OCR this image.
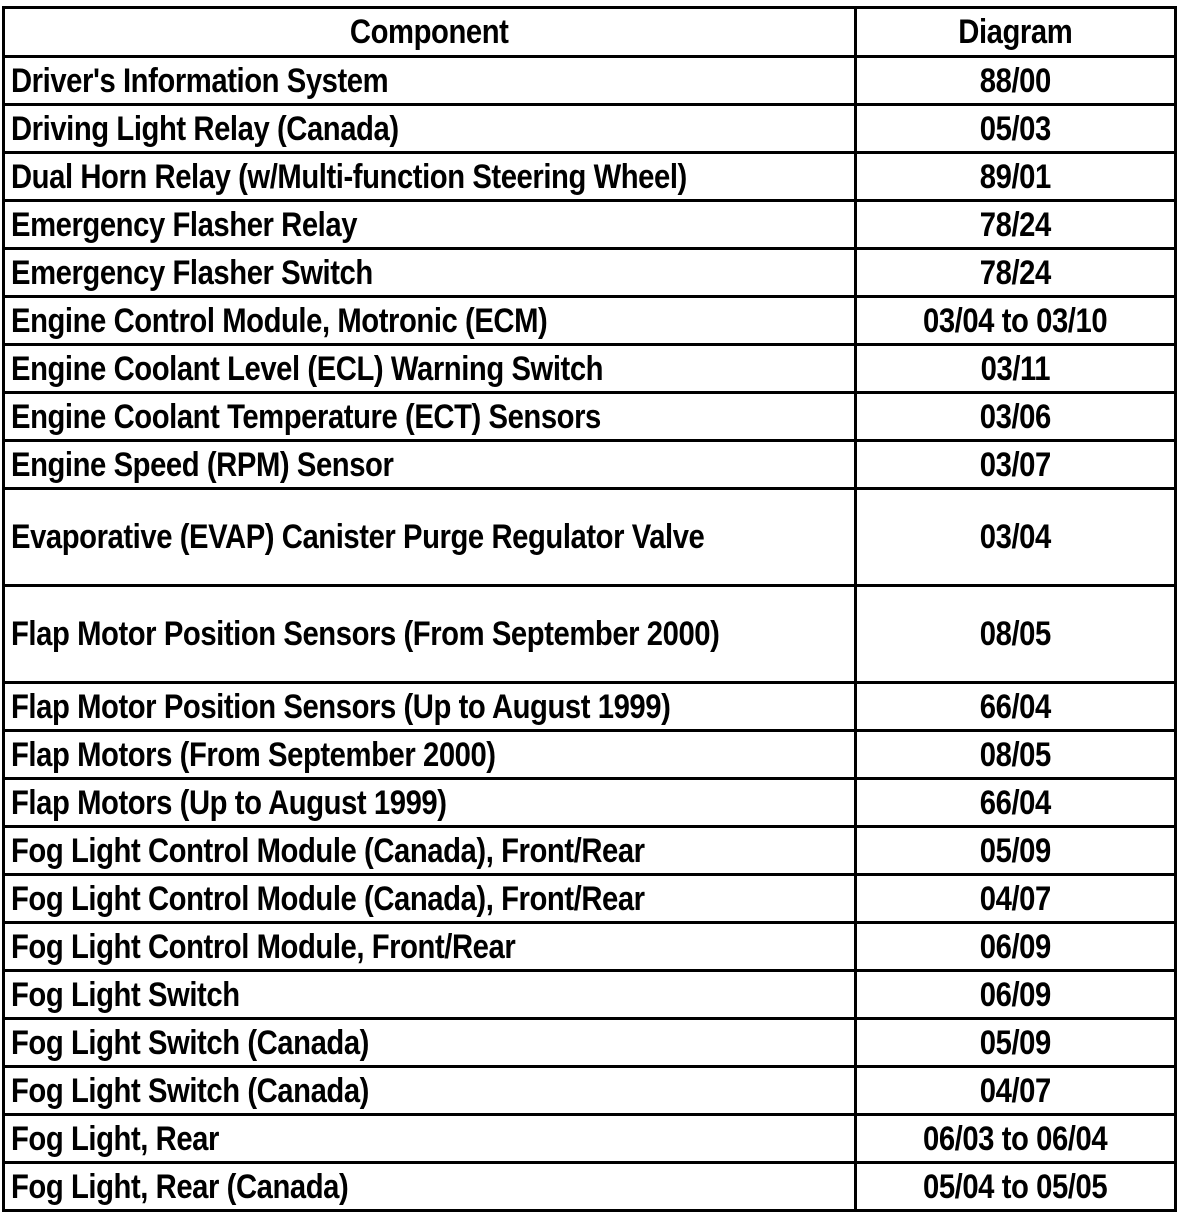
Component	Diagram
Driver's Information System	88/00
Driving Light Relay (Canada)	05/03
Dual Horn Relay (w/Multi-function Steering Wheel)	89/01
Emergency Flasher Relay	78/24
Emergency Flasher Switch	78/24
Engine Control Module, Motronic (ECM)	03/04 to 03/10
Engine Coolant Level (ECL) Warning Switch	03/11
Engine Coolant Temperature (ECT) Sensors	03/06
Engine Speed (RPM) Sensor	03/07
Evaporative (EVAP) Canister Purge Regulator Valve	03/04
Flap Motor Position Sensors (From September 2000)	08/05
Flap Motor Position Sensors (Up to August 1999)	66/04
Flap Motors (From September 2000)	08/05
Flap Motors (Up to August 1999)	66/04
Fog Light Control Module (Canada), Front/Rear	05/09
Fog Light Control Module (Canada), Front/Rear	04/07
Fog Light Control Module, Front/Rear	06/09
Fog Light Switch	06/09
Fog Light Switch (Canada)	05/09
Fog Light Switch (Canada)	04/07
Fog Light, Rear	06/03 to 06/04
Fog Light, Rear (Canada)	05/04 to 05/05
